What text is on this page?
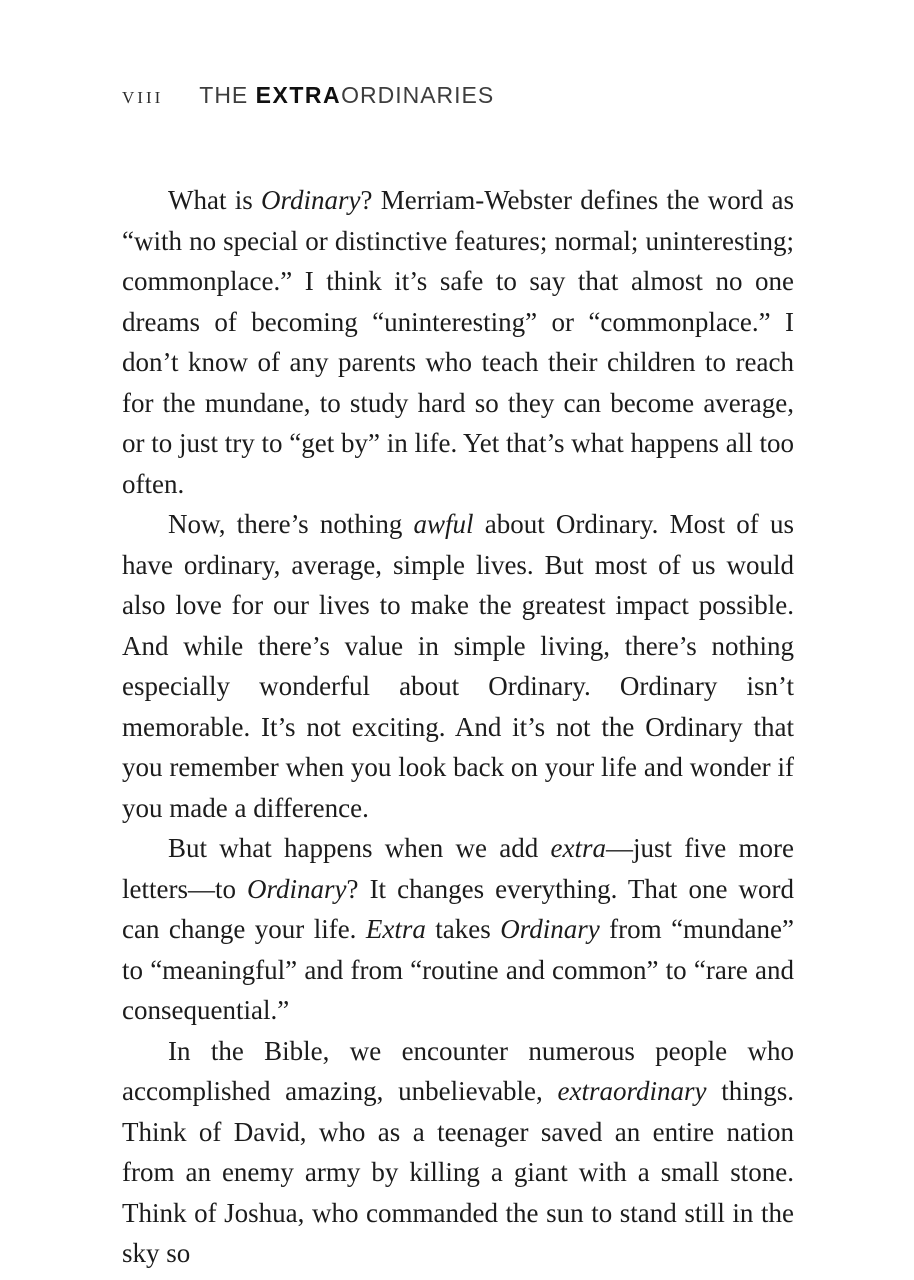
VIII THE EXTRAORDINARIES

What is Ordinary? Merriam-Webster defines the word as “with no special or distinctive features; normal; uninteresting; commonplace.” I think it’s safe to say that almost no one dreams of becoming “uninteresting” or “commonplace.” I don’t know of any parents who teach their children to reach for the mundane, to study hard so they can become average, or to just try to “get by” in life. Yet that’s what happens all too often.

Now, there’s nothing awful about Ordinary. Most of us have ordinary, average, simple lives. But most of us would also love for our lives to make the greatest impact possible. And while there’s value in simple living, there’s nothing especially wonderful about Ordinary. Ordinary isn’t memorable. It’s not exciting. And it’s not the Ordinary that you remember when you look back on your life and wonder if you made a difference.

But what happens when we add extra—just five more letters—to Ordinary? It changes everything. That one word can change your life. Extra takes Ordinary from “mundane” to “meaningful” and from “routine and common” to “rare and consequential.”

In the Bible, we encounter numerous people who accomplished amazing, unbelievable, extraordinary things. Think of David, who as a teenager saved an entire nation from an enemy army by killing a giant with a small stone. Think of Joshua, who commanded the sun to stand still in the sky so
